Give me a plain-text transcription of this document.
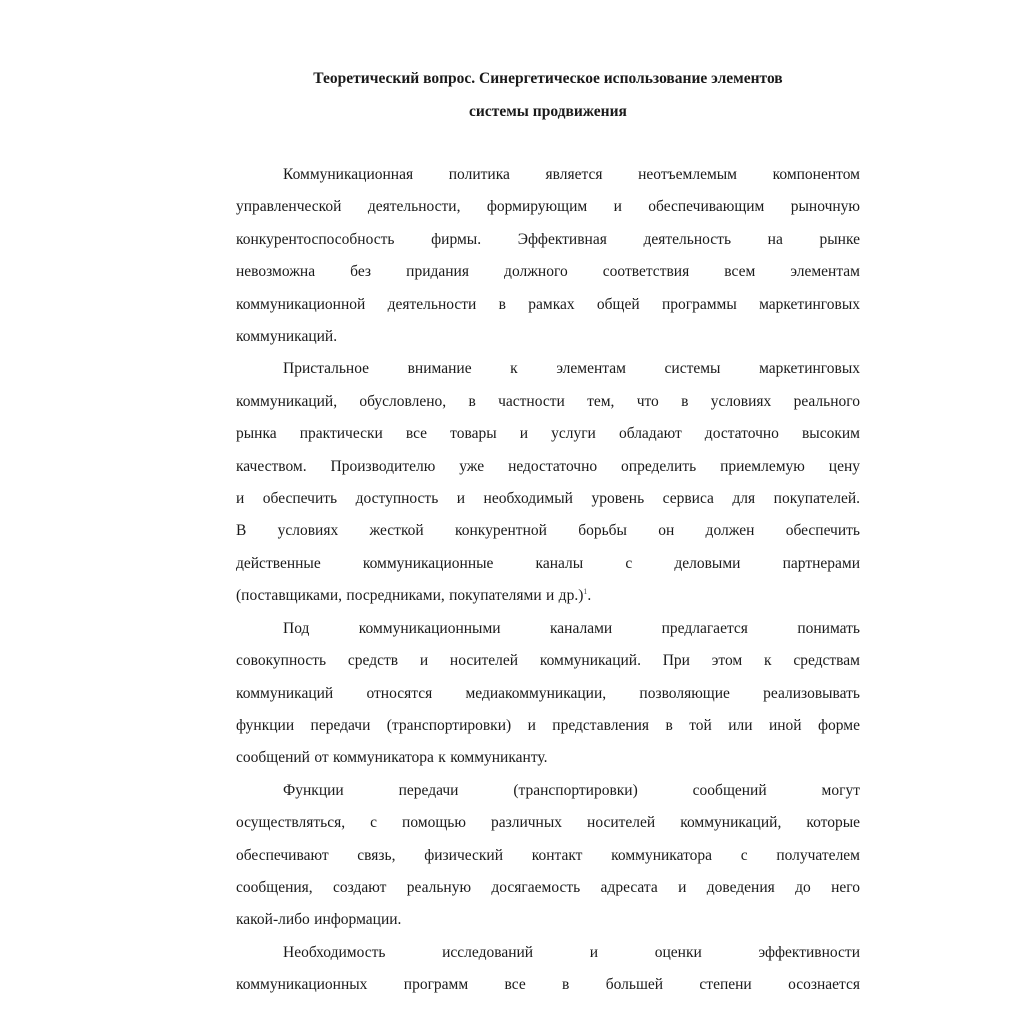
Теоретический вопрос. Синергетическое использование элементов
системы продвижения

Коммуникационная политика является неотъемлемым компонентом
управленческой деятельности, формирующим и обеспечивающим рыночную
конкурентоспособность фирмы. Эффективная деятельность на рынке
невозможна без придания должного соответствия всем элементам
коммуникационной деятельности в рамках общей программы маркетинговых
коммуникаций.

Пристальное внимание к элементам системы маркетинговых
коммуникаций, обусловлено, в частности тем, что в условиях реального
рынка практически все товары и услуги обладают достаточно высоким
качеством. Производителю уже недостаточно определить приемлемую цену
и обеспечить доступность и необходимый уровень сервиса для покупателей.
В условиях жесткой конкурентной борьбы он должен обеспечить
действенные коммуникационные каналы с деловыми партнерами
(поставщиками, посредниками, покупателями и др.)$^1$.

Под коммуникационными каналами предлагается понимать
совокупность средств и носителей коммуникаций. При этом к средствам
коммуникаций относятся медиакоммуникации, позволяющие реализовывать
функции передачи (транспортировки) и представления в той или иной форме
сообщений от коммуникатора к коммуниканту.

Функции передачи (транспортировки) сообщений могут
осуществляться, с помощью различных носителей коммуникаций, которые
обеспечивают связь, физический контакт коммуникатора с получателем
сообщения, создают реальную досягаемость адресата и доведения до него
какой-либо информации.

Необходимость исследований и оценки эффективности
коммуникационных программ все в большей степени осознается
